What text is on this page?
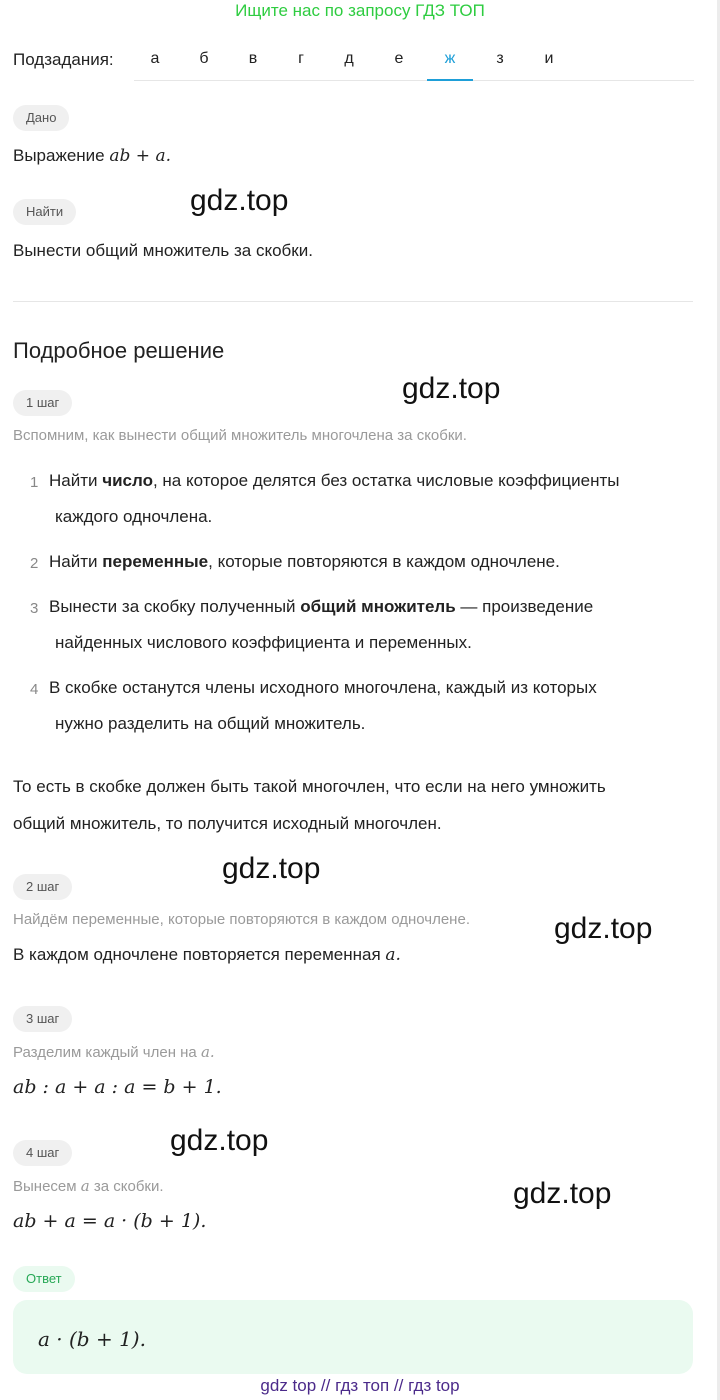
Ищите нас по запросу ГДЗ ТОП
Подзадания:	а	б	в	г	д	е	ж	з	и
Дано
Выражение ab + a.
Найти	gdz.top
Вынести общий множитель за скобки.
Подробное решение
1 шаг	gdz.top
Вспомним, как вынести общий множитель многочлена за скобки.
1 Найти число, на которое делятся без остатка числовые коэффициенты
каждого одночлена.
2 Найти переменные, которые повторяются в каждом одночлене.
3 Вынести за скобку полученный общий множитель — произведение
найденных числового коэффициента и переменных.
4 В скобке останутся члены исходного многочлена, каждый из которых
нужно разделить на общий множитель.
То есть в скобке должен быть такой многочлен, что если на него умножить
общий множитель, то получится исходный многочлен.
gdz.top
2 шаг
Найдём переменные, которые повторяются в каждом одночлене.	gdz.top
В каждом одночлене повторяется переменная a.
3 шаг
Разделим каждый член на a.
ab : a + a : a = b + 1.
gdz.top
4 шаг
Вынесем a за скобки.	gdz.top
ab + a = a · (b + 1).
Ответ
a · (b + 1).
gdz top // гдз топ // гдз top
